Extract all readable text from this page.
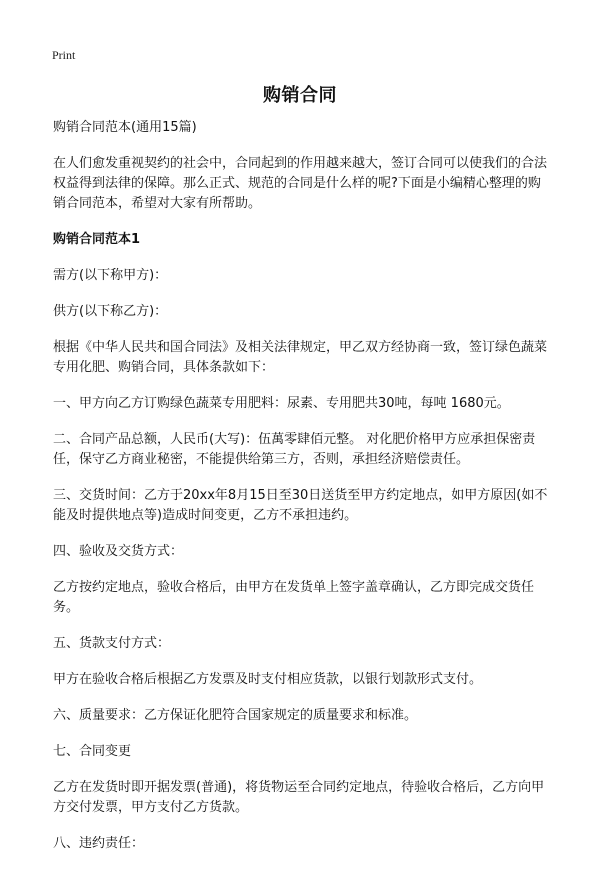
Print
购销合同

购销合同范本(通用15篇)

在人们愈发重视契约的社会中，合同起到的作用越来越大，签订合同可以使我们的合法权益得到法律的保障。那么正式、规范的合同是什么样的呢?下面是小编精心整理的购销合同范本，希望对大家有所帮助。

购销合同范本1

需方(以下称甲方)：

供方(以下称乙方)：

根据《中华人民共和国合同法》及相关法律规定，甲乙双方经协商一致，签订绿色蔬菜专用化肥、购销合同，具体条款如下：

一、甲方向乙方订购绿色蔬菜专用肥料：尿素、专用肥共30吨，每吨 1680元。

二、合同产品总额，人民币(大写)：伍萬零肆佰元整。 对化肥价格甲方应承担保密责任，保守乙方商业秘密，不能提供给第三方，否则，承担经济赔偿责任。

三、交货时间：乙方于20xx年8月15日至30日送货至甲方约定地点，如甲方原因(如不能及时提供地点等)造成时间变更，乙方不承担违约。

四、验收及交货方式：

乙方按约定地点，验收合格后，由甲方在发货单上签字盖章确认，乙方即完成交货任务。

五、货款支付方式：

甲方在验收合格后根据乙方发票及时支付相应货款，以银行划款形式支付。

六、质量要求：乙方保证化肥符合国家规定的质量要求和标准。

七、合同变更

乙方在发货时即开据发票(普通)，将货物运至合同约定地点，待验收合格后，乙方向甲方交付发票，甲方支付乙方货款。

八、违约责任：
